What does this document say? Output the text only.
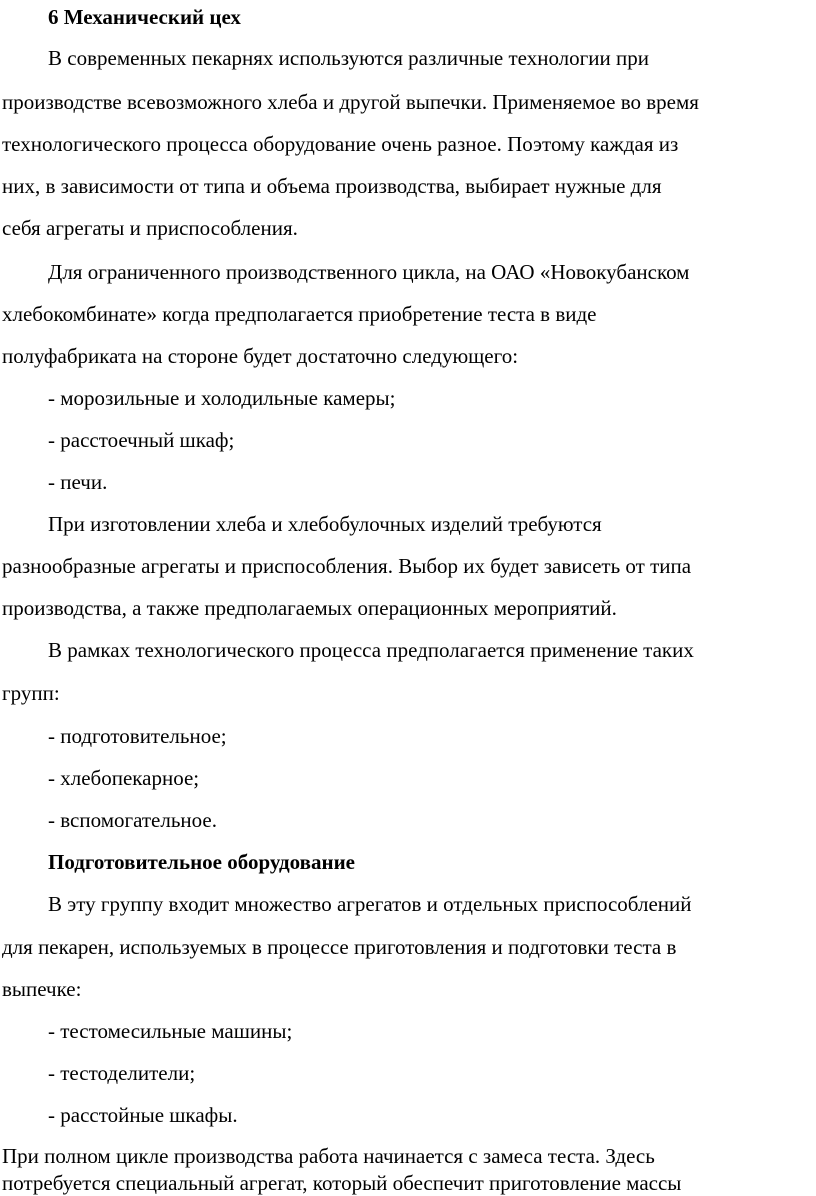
6 Механический цех
В современных пекарнях используются различные технологии при
производстве всевозможного хлеба и другой выпечки. Применяемое во время
технологического процесса оборудование очень разное. Поэтому каждая из
них, в зависимости от типа и объема производства, выбирает нужные для
себя агрегаты и приспособления.
Для ограниченного производственного цикла, на ОАО «Новокубанском
хлебокомбинате» когда предполагается приобретение теста в виде
полуфабриката на стороне будет достаточно следующего:
- морозильные и холодильные камеры;
- расстоечный шкаф;
- печи.
При изготовлении хлеба и хлебобулочных изделий требуются
разнообразные агрегаты и приспособления. Выбор их будет зависеть от типа
производства, а также предполагаемых операционных мероприятий.
В рамках технологического процесса предполагается применение таких
групп:
- подготовительное;
- хлебопекарное;
- вспомогательное.
Подготовительное оборудование
В эту группу входит множество агрегатов и отдельных приспособлений
для пекарен, используемых в процессе приготовления и подготовки теста в
выпечке:
- тестомесильные машины;
- тестоделители;
- расстойные шкафы.
При полном цикле производства работа начинается с замеса теста. Здесь
потребуется специальный агрегат, который обеспечит приготовление массы
